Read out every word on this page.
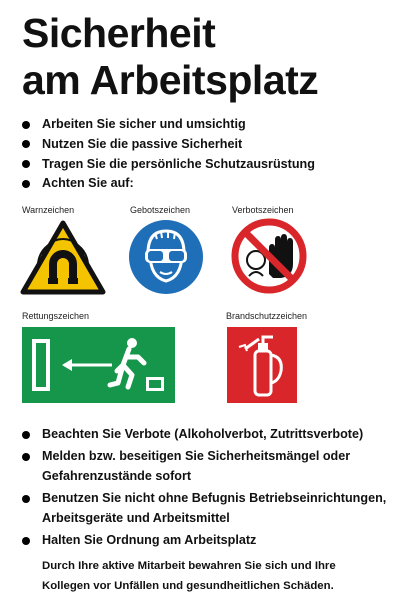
Sicherheit
am Arbeitsplatz
Arbeiten Sie sicher und umsichtig
Nutzen Sie die passive Sicherheit
Tragen Sie die persönliche Schutzausrüstung
Achten Sie auf:
Warnzeichen	Gebotszeichen	Verbotszeichen
Rettungszeichen	Brandschutzzeichen
Beachten Sie Verbote (Alkoholverbot, Zutrittsverbote)
Melden bzw. beseitigen Sie Sicherheitsmängel oder Gefahrenzustände sofort
Benutzen Sie nicht ohne Befugnis Betriebseinrichtungen, Arbeitsgeräte und Arbeitsmittel
Halten Sie Ordnung am Arbeitsplatz
Durch Ihre aktive Mitarbeit bewahren Sie sich und Ihre Kollegen vor Unfällen und gesundheitlichen Schäden.
